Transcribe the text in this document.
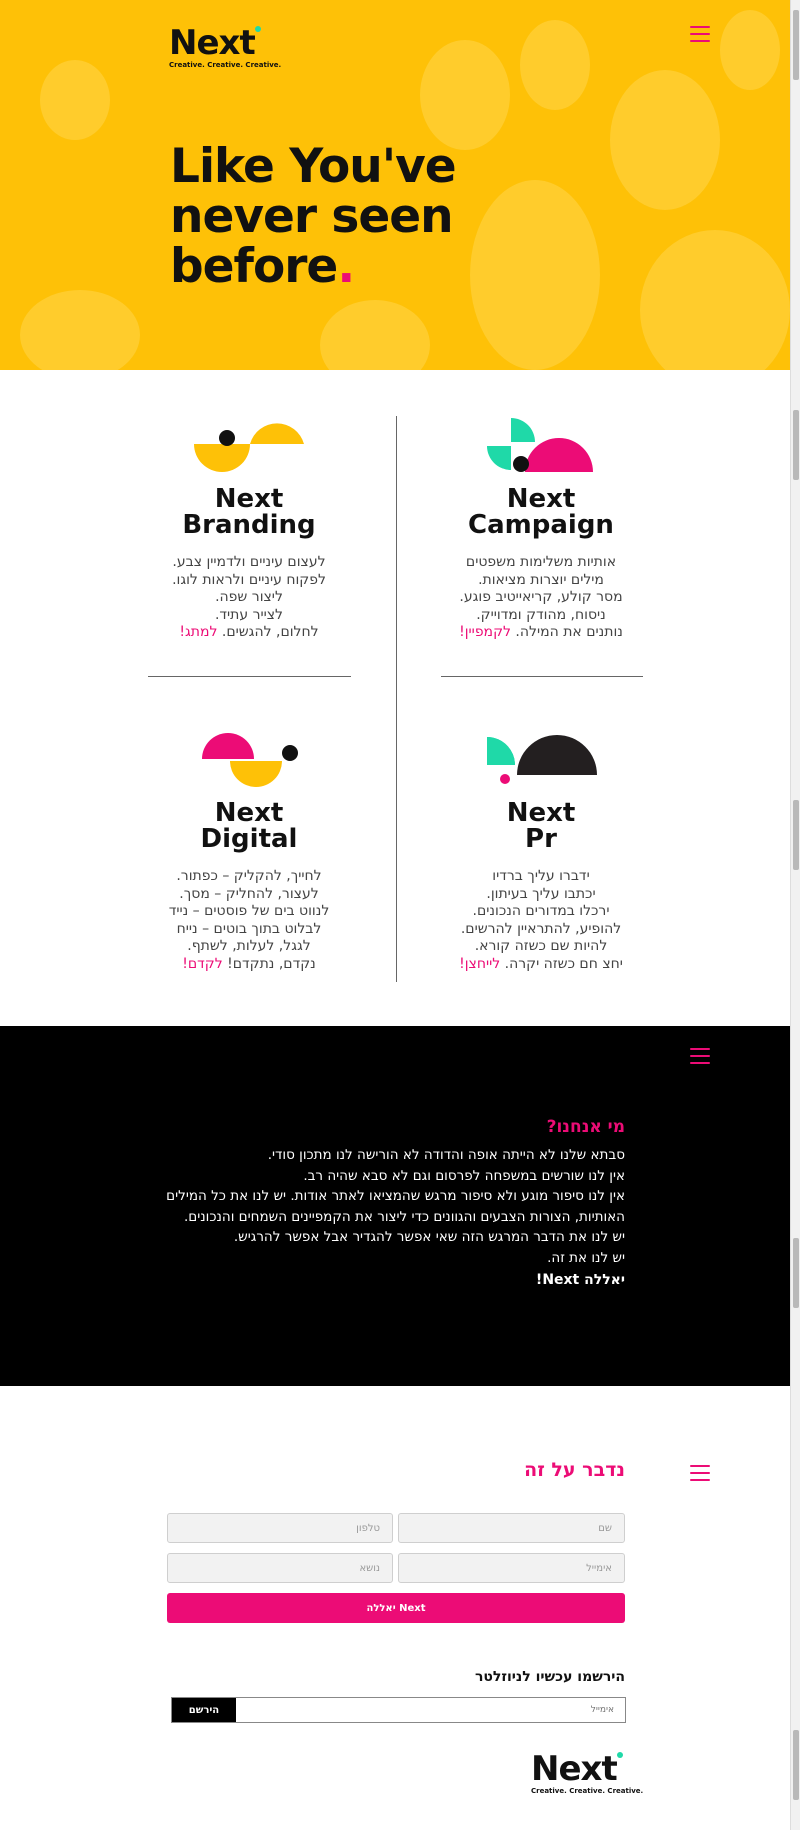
Next
Creative. Creative. Creative.
Like You've
never seen
before.
Next
Campaign
אותיות משלימות משפטים
מילים יוצרות מציאות.
מסר קולע, קריאייטיב פוגע.
ניסוח, מהודק ומדוייק.
נותנים את המילה. לקמפיין!
Next
Branding
לעצום עיניים ולדמיין צבע.
לפקוח עיניים ולראות לוגו.
ליצור שפה.
לצייר עתיד.
לחלום, להגשים. למתג!
Next
Pr
ידברו עליך ברדיו
יכתבו עליך בעיתון.
ירכלו במדורים הנכונים.
להופיע, להתראיין להרשים.
להיות שם כשזה קורא.
יחצ חם כשזה יקרה. לייחצן!
Next
Digital
לחייך, להקליק – כפתור.
לעצור, להחליק – מסך.
לנווט בים של פוסטים – נייד
לבלוט בתוך בוטים – נייח
לגגל, לעלות, לשתף.
נקדם, נתקדם! לקדם!
מי אנחנו?
סבתא שלנו לא הייתה אופה והדודה לא הורישה לנו מתכון סודי.
אין לנו שורשים במשפחה לפרסום וגם לא סבא שהיה רב.
אין לנו סיפור מוגע ולא סיפור מרגש שהמציאו לאתר אודות. יש לנו את כל המילים
האותיות, הצורות הצבעים והגוונים כדי ליצור את הקמפיינים השמחים והנכונים.
יש לנו את הדבר המרגש הזה שאי אפשר להגדיר אבל אפשר להרגיש.
יש לנו את זה.
יאללה Next!
נדבר על זה
שם
טלפון
אימייל
נושא
יאללה Next
הירשמו עכשיו לניוזלטר
אימייל
הירשם
Next
Creative. Creative. Creative.
